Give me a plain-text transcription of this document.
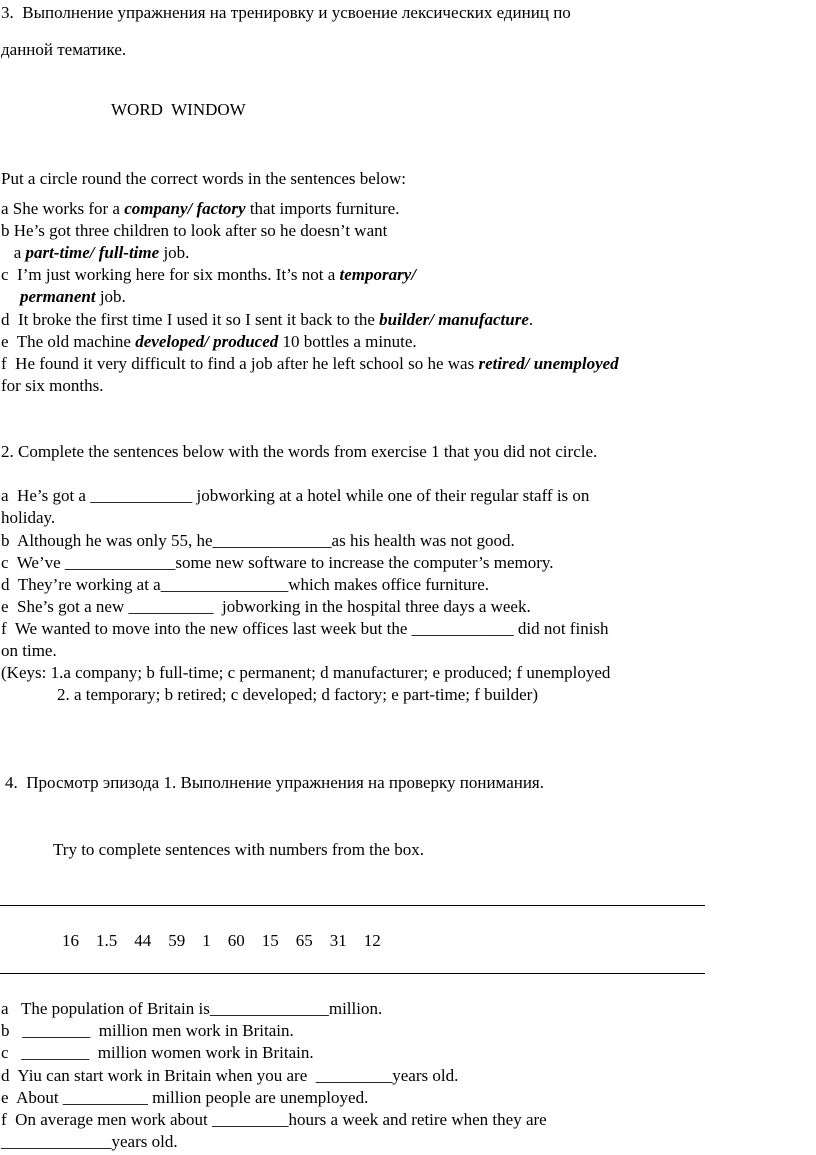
3.  Выполнение упражнения на тренировку и усвоение лексических единиц по
данной тематике.
WORD  WINDOW
Put a circle round the correct words in the sentences below:
a She works for a company/ factory that imports furniture.
b He’s got three children to look after so he doesn’t want
a part-time/ full-time job.
c  I’m just working here for six months. It’s not a temporary/
permanent job.
d  It broke the first time I used it so I sent it back to the builder/ manufacture.
e  The old machine developed/ produced 10 bottles a minute.
f  He found it very difficult to find a job after he left school so he was retired/ unemployed
for six months.
2. Complete the sentences below with the words from exercise 1 that you did not circle.
a  He’s got a ____________ jobworking at a hotel while one of their regular staff is on
holiday.
b  Although he was only 55, he______________as his health was not good.
c  We’ve _____________some new software to increase the computer’s memory.
d  They’re working at a_______________which makes office furniture.
e  She’s got a new __________  jobworking in the hospital three days a week.
f  We wanted to move into the new offices last week but the ____________ did not finish
on time.
(Keys: 1.a company; b full-time; c permanent; d manufacturer; e produced; f unemployed
2. a temporary; b retired; c developed; d factory; e part-time; f builder)
4.  Просмотр эпизода 1. Выполнение упражнения на проверку понимания.
Try to complete sentences with numbers from the box.
16    1.5    44    59    1    60    15    65    31    12
a   The population of Britain is______________million.
b   ________  million men work in Britain.
c   ________  million women work in Britain.
d  Yiu can start work in Britain when you are  _________years old.
e  About __________ million people are unemployed.
f  On average men work about _________hours a week and retire when they are
_____________years old.
